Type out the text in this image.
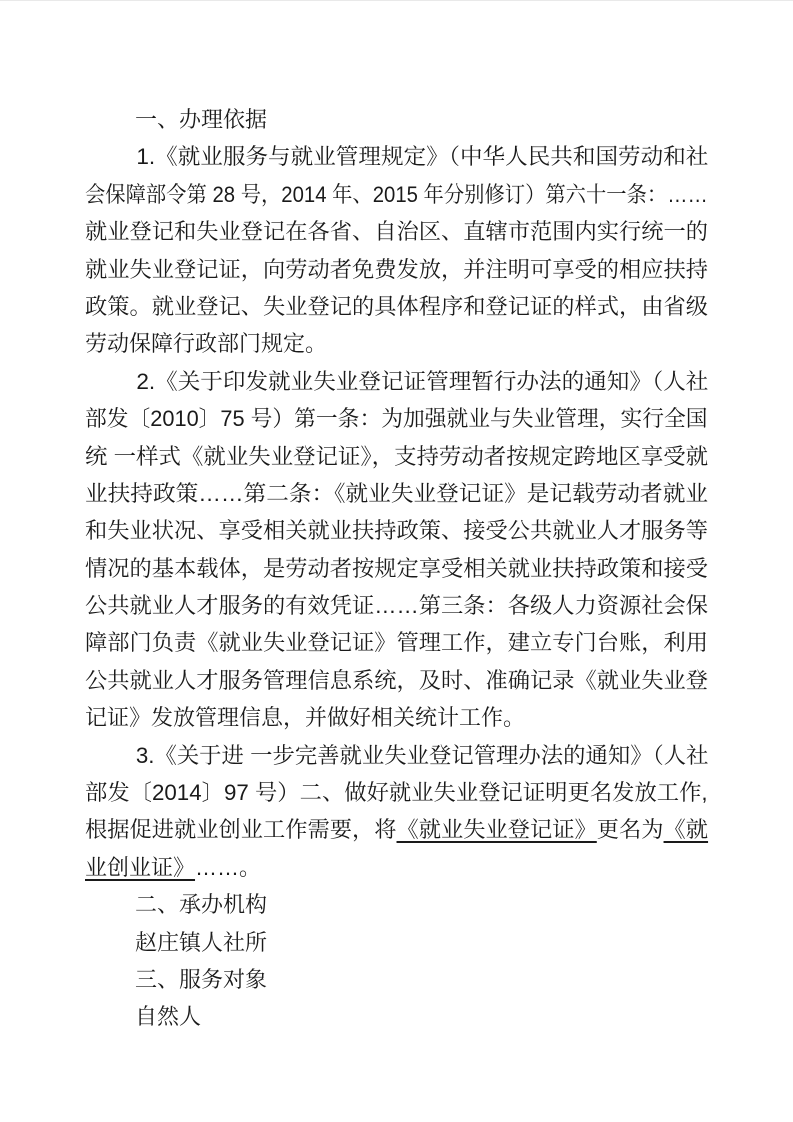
一、办理依据
1.《就业服务与就业管理规定》（中华人民共和国劳动和社
会保障部令第 28 号，2014 年、2015 年分别修订）第六十一条：……
就业登记和失业登记在各省、自治区、直辖市范围内实行统一的
就业失业登记证，向劳动者免费发放，并注明可享受的相应扶持
政策。就业登记、失业登记的具体程序和登记证的样式，由省级
劳动保障行政部门规定。
2.《关于印发就业失业登记证管理暂行办法的通知》（人社
部发〔2010〕75 号）第一条：为加强就业与失业管理，实行全国
统 一样式《就业失业登记证》，支持劳动者按规定跨地区享受就
业扶持政策……第二条：《就业失业登记证》是记载劳动者就业
和失业状况、享受相关就业扶持政策、接受公共就业人才服务等
情况的基本载体，是劳动者按规定享受相关就业扶持政策和接受
公共就业人才服务的有效凭证……第三条：各级人力资源社会保
障部门负责《就业失业登记证》管理工作，建立专门台账，利用
公共就业人才服务管理信息系统，及时、准确记录《就业失业登
记证》发放管理信息，并做好相关统计工作。
3.《关于进 一步完善就业失业登记管理办法的通知》（人社
部发〔2014〕97 号）二、做好就业失业登记证明更名发放工作,
根据促进就业创业工作需要，将《就业失业登记证》更名为《就
业创业证》……。
二、承办机构
赵庄镇人社所
三、服务对象
自然人
